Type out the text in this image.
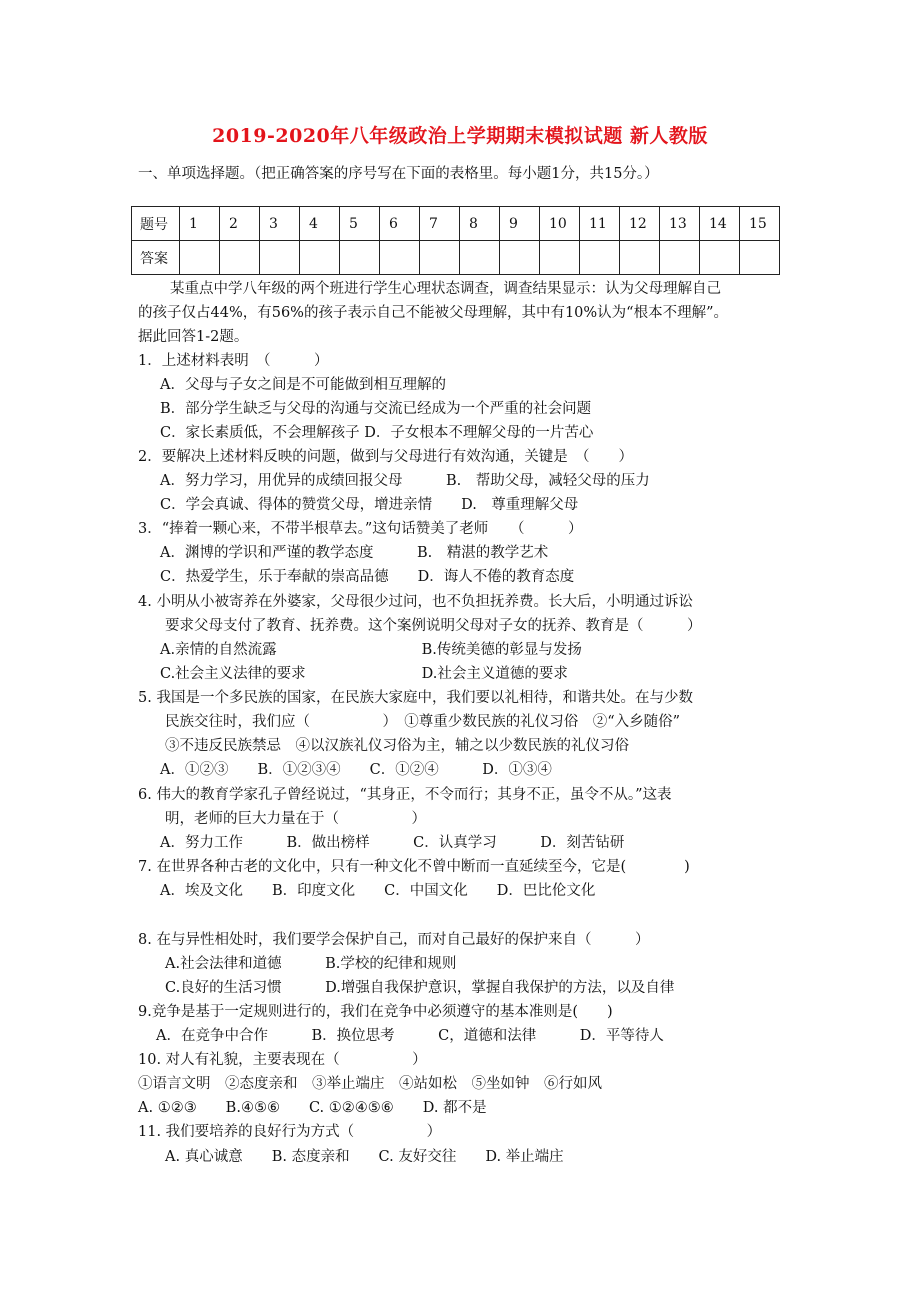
2019-2020年八年级政治上学期期末模拟试题 新人教版
一、单项选择题。（把正确答案的序号写在下面的表格里。每小题1分，共15分。）
题号	1	2	3	4	5	6	7	8	9	10	11	12	13	14	15
答案															
某重点中学八年级的两个班进行学生心理状态调查，调查结果显示：认为父母理解自己
的孩子仅占44%，有56%的孩子表示自己不能被父母理解，其中有10%认为“根本不理解”。
据此回答1-2题。
1．上述材料表明　（　　　）
A．父母与子女之间是不可能做到相互理解的
B．部分学生缺乏与父母的沟通与交流已经成为一个严重的社会问题
C．家长素质低，不会理解孩子 D．子女根本不理解父母的一片苦心
2．要解决上述材料反映的问题，做到与父母进行有效沟通，关键是　（　　）
A．努力学习，用优异的成绩回报父母　　　B.　帮助父母，减轻父母的压力
C．学会真诚、得体的赞赏父母，增进亲情　　D.　尊重理解父母
3．“捧着一颗心来，不带半根草去。”这句话赞美了老师　　（　　　）
A．渊博的学识和严谨的教学态度　　　B.　精湛的教学艺术
C．热爱学生，乐于奉献的崇高品德　　D．诲人不倦的教育态度
4. 小明从小被寄养在外婆家，父母很少过问，也不负担抚养费。长大后，小明通过诉讼
要求父母支付了教育、抚养费。这个案例说明父母对子女的抚养、教育是（　　　）
A.亲情的自然流露　　　　　　　　　　B.传统美德的彰显与发扬
C.社会主义法律的要求　　　　　　　　D.社会主义道德的要求
5. 我国是一个多民族的国家，在民族大家庭中，我们要以礼相待，和谐共处。在与少数
民族交往时，我们应（　　　　　）　①尊重少数民族的礼仪习俗　②“入乡随俗”
③不违反民族禁忌　④以汉族礼仪习俗为主，辅之以少数民族的礼仪习俗
A．①②③　　B．①②③④　　C．①②④　　　D．①③④
6. 伟大的教育学家孔子曾经说过，“其身正，不令而行；其身不正，虽令不从。”这表
明，老师的巨大力量在于（　　　　　）
A．努力工作　　　B．做出榜样　　　C．认真学习　　　D．刻苦钻研
7. 在世界各种古老的文化中，只有一种文化不曾中断而一直延续至今，它是(　　　　)
A．埃及文化　　B．印度文化　　C．中国文化　　D．巴比伦文化
8. 在与异性相处时，我们要学会保护自己，而对自己最好的保护来自（　　　）
A.社会法律和道德　　　B.学校的纪律和规则
C.良好的生活习惯　　　D.增强自我保护意识，掌握自我保护的方法，以及自律
9.竞争是基于一定规则进行的，我们在竞争中必须遵守的基本准则是(　　)
A．在竞争中合作　　　B．换位思考　　　C，道德和法律　　　D．平等待人
10. 对人有礼貌，主要表现在（　　　　　）
①语言文明　②态度亲和　③举止端庄　④站如松　⑤坐如钟　⑥行如风
A. ①②③　　B.④⑤⑥　　C. ①②④⑤⑥　　D. 都不是
11. 我们要培养的良好行为方式（　　　　　）
A. 真心诚意　　B. 态度亲和　　C. 友好交往　　D. 举止端庄
